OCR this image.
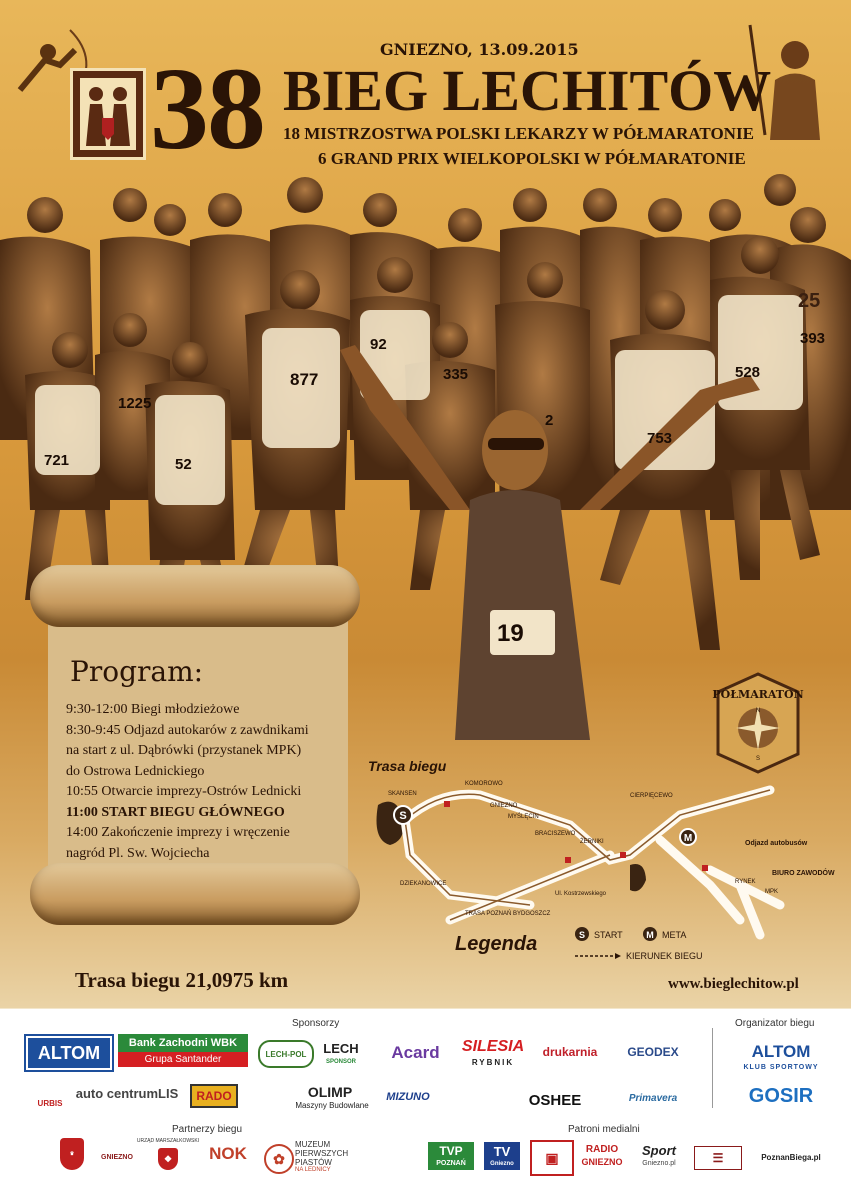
GNIEZNO, 13.09.2015
38 BIEG LECHITÓW
18 MISTRZOSTWA POLSKI LEKARZY W PÓŁMARATONIE
6 GRAND PRIX WIELKOPOLSKI W PÓŁMARATONIE
721
1225
52
877
92
335
2
753
528
393
19
25
Program:
9:30-12:00 Biegi młodzieżowe
8:30-9:45 Odjazd autokarów z zawdnikami
na start z ul. Dąbrówki (przystanek MPK)
do Ostrowa Lednickiego
10:55 Otwarcie imprezy-Ostrów Lednicki
11:00 START BIEGU GŁÓWNEGO
14:00 Zakończenie imprezy i wręczenie
nagród Pl. Sw. Wojciecha
PÓŁMARATON
N
S
Trasa biegu
S
M
SKANSEN
KOMOROWO
GNIEZNO
MYŚLĘCIN
BRACISZEWO
ŻERNIKI
CIERPIĘCEWO
DZIEKANOWICE
TRASA POZNAŃ BYDGOSZCZ
Ul. Kostrzewskiego
RYNEK
MPK
Odjazd autobusów
BIURO ZAWODÓW
Legenda	S START	M META
KIERUNEK BIEGU
Trasa biegu 21,0975 km	www.bieglechitow.pl
Sponsorzy	Organizator biegu
ALTOM	Bank Zachodni WBK
Grupa Santander	LECH-POL	LECH
SPONSOR	Acard	SILESIA
RYBNIK
drukarnia	GEODEX
URBIS
auto centrumLIS	RADO	OLIMP
Maszyny Budowlane
MIZUNO	OSHEE	Primavera
ALTOM
KLUB SPORTOWY
GOSIR
Partnerzy biegu	Patroni medialni
♛	GNIEZNO
URZĄD MARSZAŁKOWSKI
❖	NOK	✿
MUZEUM
PIERWSZYCH PIASTÓW
NA LEDNICY
TVP
POZNAŃ
TV
Gniezno	▣
RADIO
GNIEZNO
Sport
Gniezno.pl	☰	PoznanBiega.pl
